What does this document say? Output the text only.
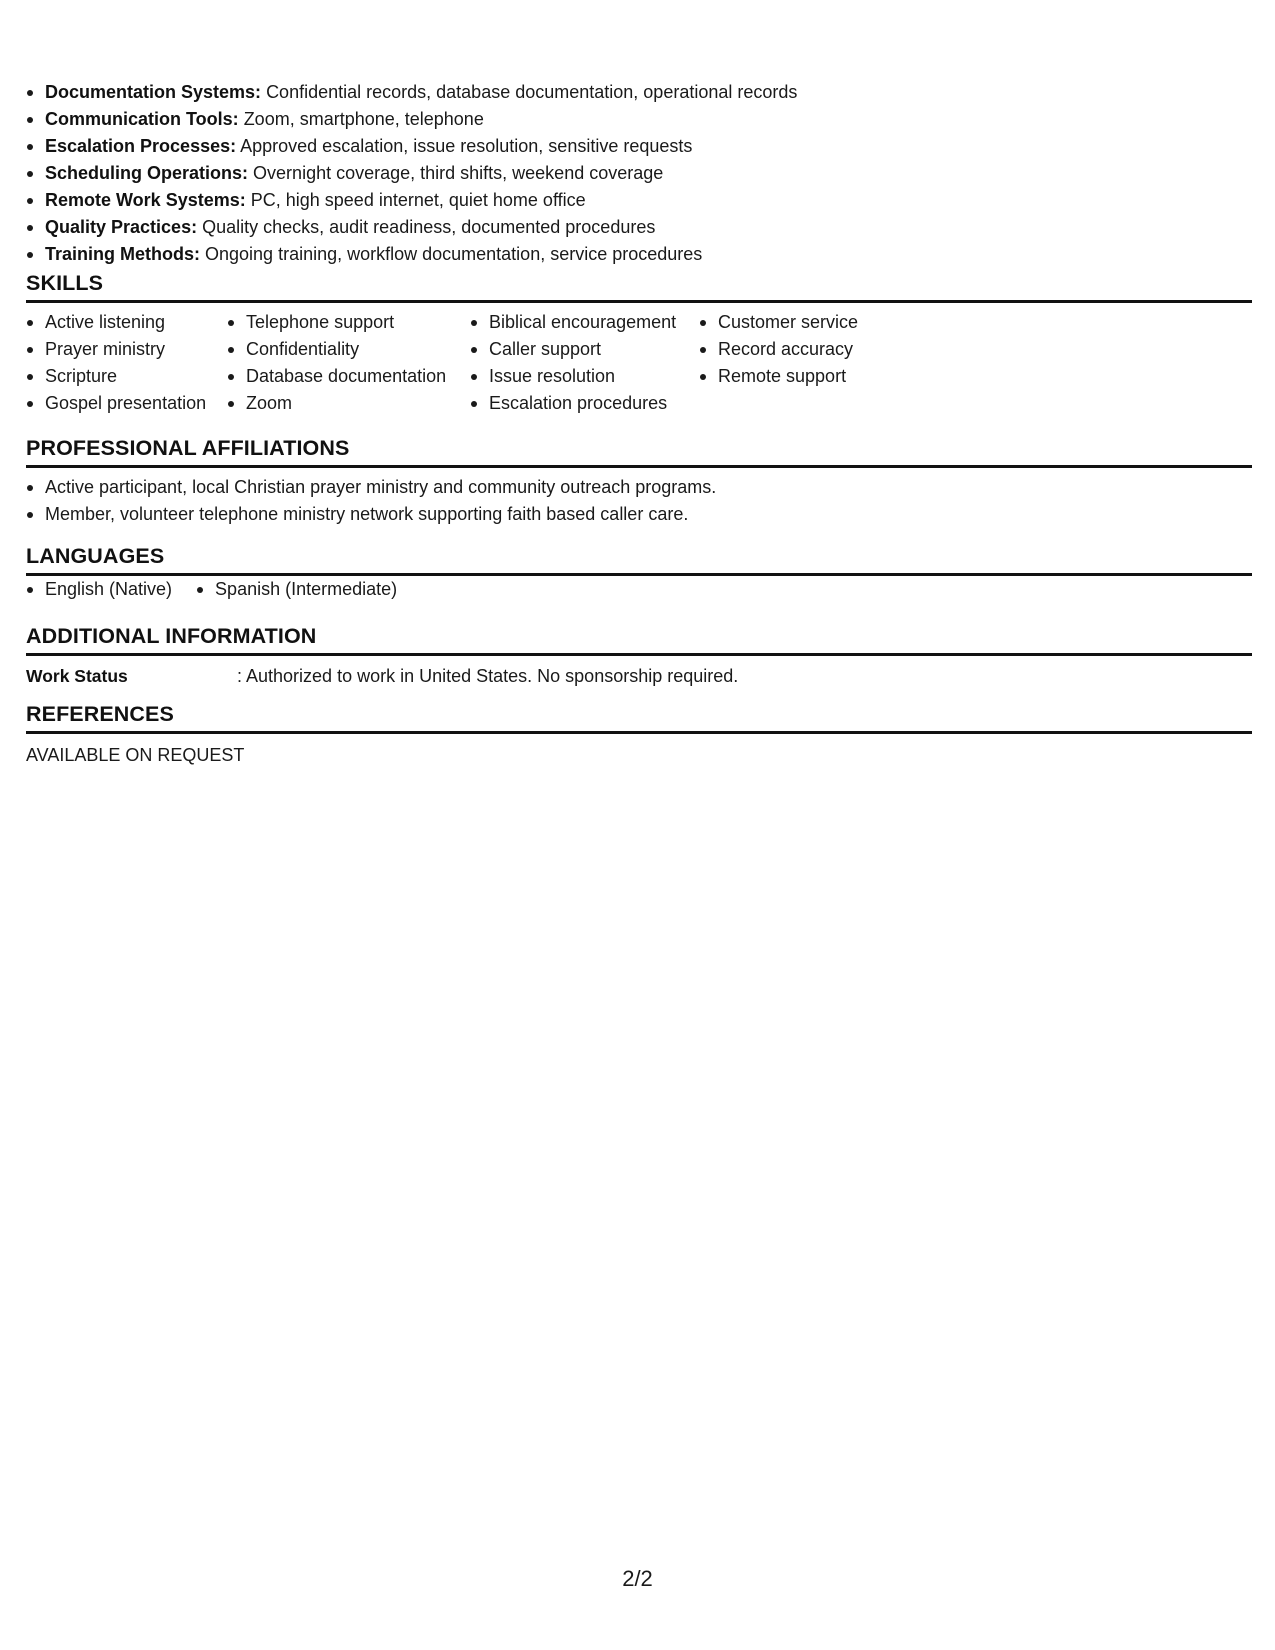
Documentation Systems: Confidential records, database documentation, operational records
Communication Tools: Zoom, smartphone, telephone
Escalation Processes: Approved escalation, issue resolution, sensitive requests
Scheduling Operations: Overnight coverage, third shifts, weekend coverage
Remote Work Systems: PC, high speed internet, quiet home office
Quality Practices: Quality checks, audit readiness, documented procedures
Training Methods: Ongoing training, workflow documentation, service procedures
SKILLS
Active listening
Prayer ministry
Scripture
Gospel presentation
Telephone support
Confidentiality
Database documentation
Zoom
Biblical encouragement
Caller support
Issue resolution
Escalation procedures
Customer service
Record accuracy
Remote support
PROFESSIONAL AFFILIATIONS
Active participant, local Christian prayer ministry and community outreach programs.
Member, volunteer telephone ministry network supporting faith based caller care.
LANGUAGES
English (Native)	Spanish (Intermediate)
ADDITIONAL INFORMATION
Work Status	: Authorized to work in United States. No sponsorship required.
REFERENCES
AVAILABLE ON REQUEST
2/2
